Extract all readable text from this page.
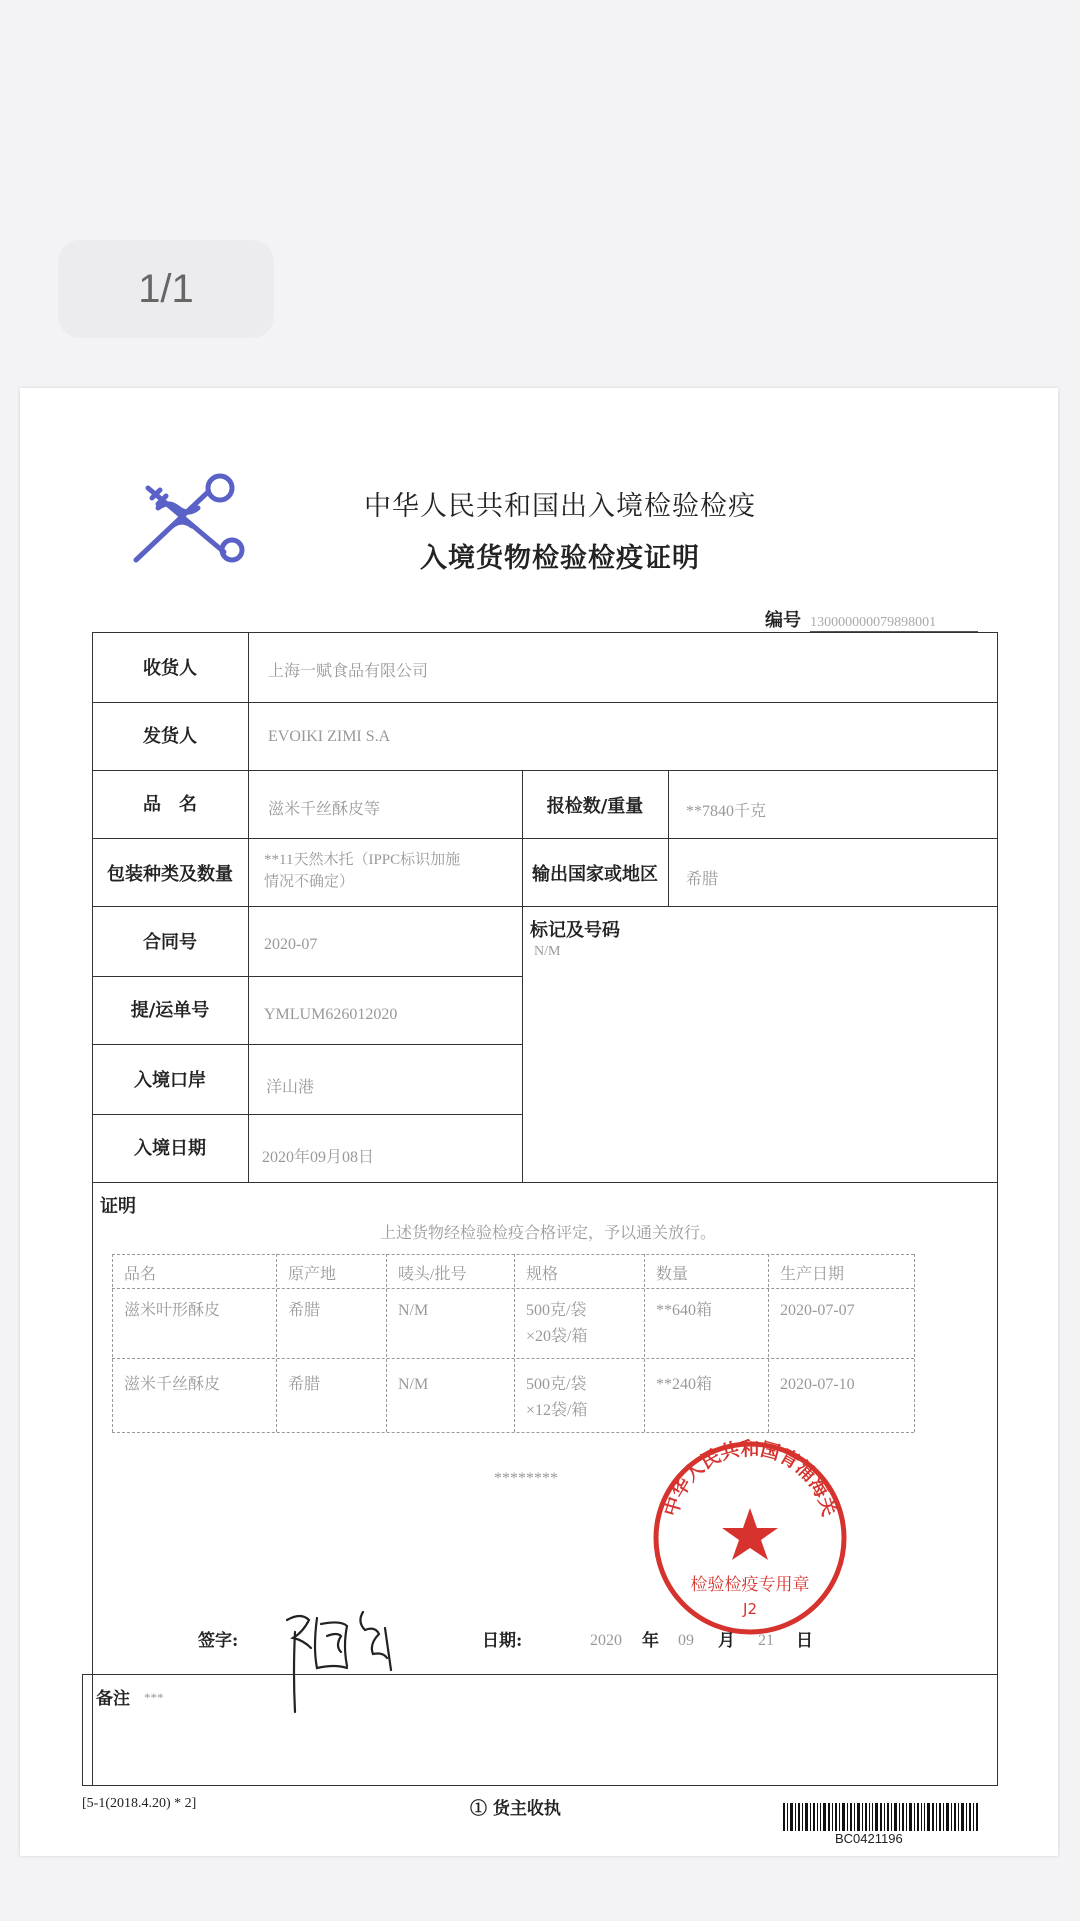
1/1
中华人民共和国出入境检验检疫
入境货物检验检疫证明
编号 130000000079898001
收货人	上海一赋食品有限公司
发货人	EVOIKI ZIMI S.A
品　名	滋米千丝酥皮等	报检数/重量	**7840千克
包装种类及数量
**11天然木托（IPPC标识加施
情况不确定）	输出国家或地区	希腊
合同号	2020-07
标记及号码
N/M
提/运单号	YMLUM626012020
入境口岸	洋山港
入境日期	2020年09月08日
证明
上述货物经检验检疫合格评定，予以通关放行。
品名	原产地	唛头/批号	规格	数量	生产日期
滋米叶形酥皮	希腊	N/M	500克/袋
×20袋/箱
**640箱	2020-07-07
滋米千丝酥皮	希腊	N/M	500克/袋
×12袋/箱
**240箱	2020-07-10
********
中华人民共和国青浦海关
检验检疫专用章
J2
签字:	日期:	2020 年 09 月 21 日
备注 ***
[5-1(2018.4.20) * 2]	① 货主收执
BC0421196
